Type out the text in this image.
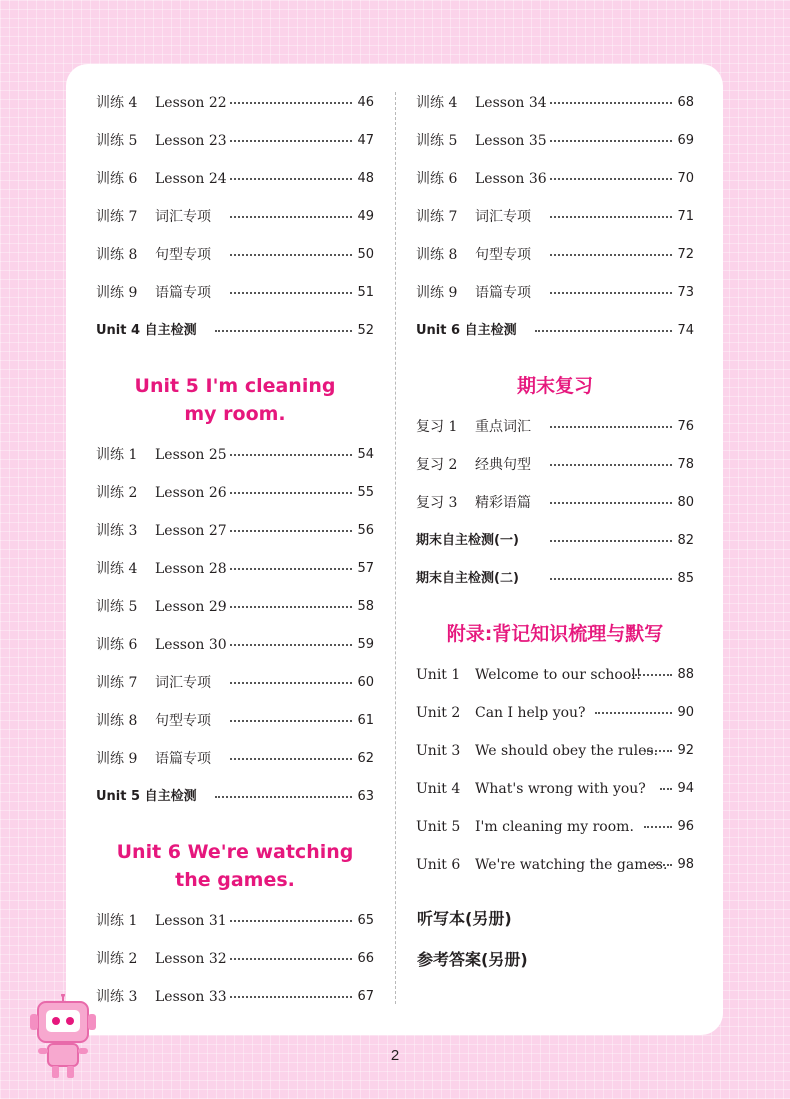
Unit 5 I'm cleaning
my room.
Unit 6 We're watching
the games.
期末复习
附录:背记知识梳理与默写
听写本(另册)
参考答案(另册)
训练 4 Lesson 22	46
训练 5 Lesson 23	47
训练 6 Lesson 24	48
训练 7 词汇专项	49
训练 8 句型专项	50
训练 9 语篇专项	51
Unit 4 自主检测	52
训练 1 Lesson 25	54
训练 2 Lesson 26	55
训练 3 Lesson 27	56
训练 4 Lesson 28	57
训练 5 Lesson 29	58
训练 6 Lesson 30	59
训练 7 词汇专项	60
训练 8 句型专项	61
训练 9 语篇专项	62
Unit 5 自主检测	63
训练 1 Lesson 31	65
训练 2 Lesson 32	66
训练 3 Lesson 33	67
训练 4 Lesson 34	68
训练 5 Lesson 35	69
训练 6 Lesson 36	70
训练 7 词汇专项	71
训练 8 句型专项	72
训练 9 语篇专项	73
Unit 6 自主检测	74
复习 1 重点词汇	76
复习 2 经典句型	78
复习 3 精彩语篇	80
期末自主检测(一)	82
期末自主检测(二)	85
Unit 1 Welcome to our school!	88
Unit 2 Can I help you?	90
Unit 3 We should obey the rules.	92
Unit 4 What's wrong with you?	94
Unit 5 I'm cleaning my room.	96
Unit 6 We're watching the games. 98
2
